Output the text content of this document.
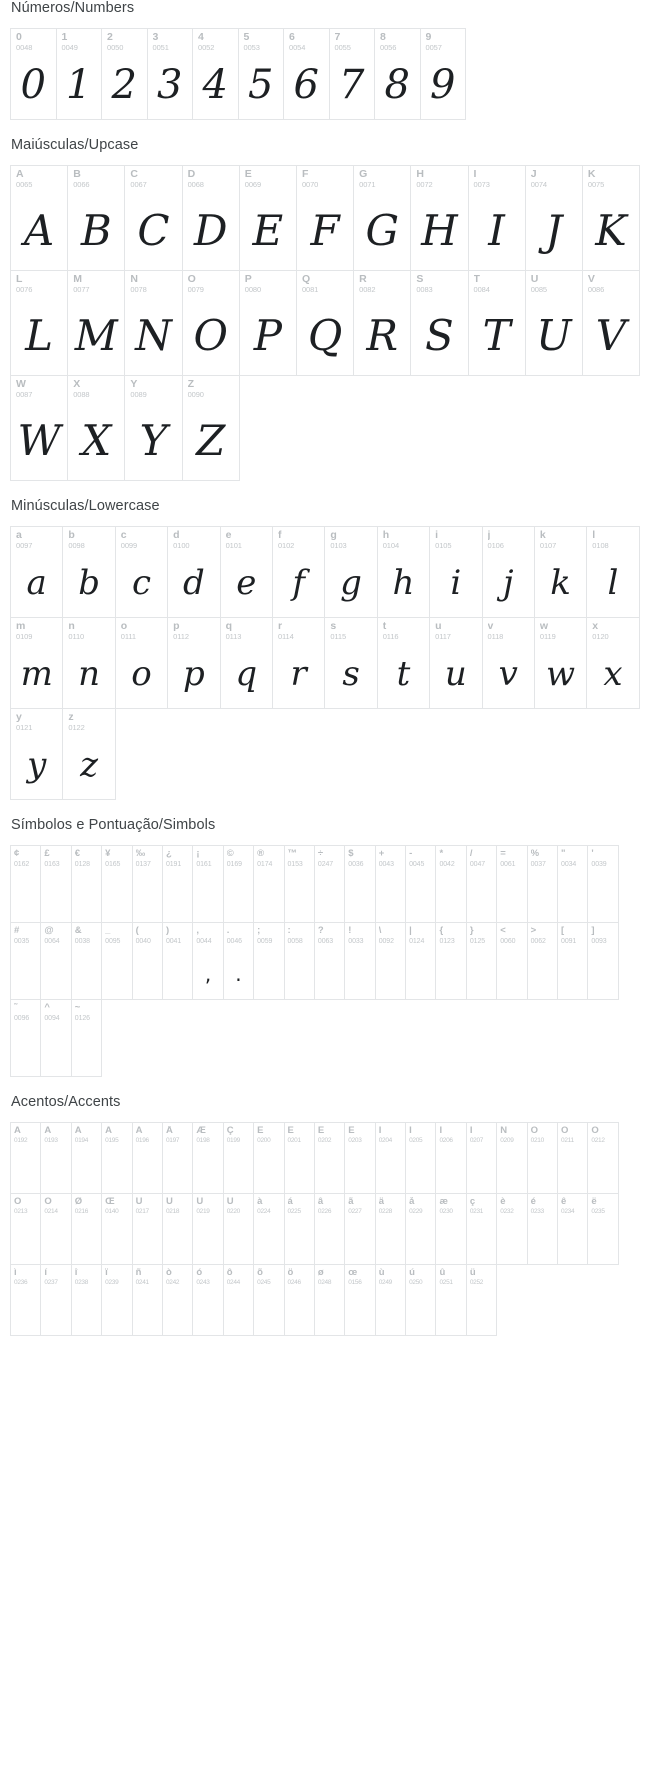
Números/Numbers
0
0048
0
1
0049
1
2
0050
2
3
0051
3
4
0052
4
5
0053
5
6
0054
6
7
0055
7
8
0056
8
9
0057
9
Maiúsculas/Upcase
A
0065
A
B
0066
B
C
0067
C
D
0068
D
E
0069
E
F
0070
F
G
0071
G
H
0072
H
I
0073
I
J
0074
J
K
0075
K
L
0076
L
M
0077
M
N
0078
N
O
0079
O
P
0080
P
Q
0081
Q
R
0082
R
S
0083
S
T
0084
T
U
0085
U
V
0086
V
W
0087
W
X
0088
X
Y
0089
Y
Z
0090
Z
Minúsculas/Lowercase
a
0097
a
b
0098
b
c
0099
c
d
0100
d
e
0101
e
f
0102
f
g
0103
g
h
0104
h
i
0105
i
j
0106
j
k
0107
k
l
0108
l
m
0109
m
n
0110
n
o
0111
o
p
0112
p
q
0113
q
r
0114
r
s
0115
s
t
0116
t
u
0117
u
v
0118
v
w
0119
w
x
0120
x
y
0121
y
z
0122
z
Símbolos e Pontuação/Simbols
¢
0162
£
0163
€
0128
¥
0165
‰
0137
¿
0191
¡
0161
©
0169
®
0174
™
0153
÷
0247
$
0036
+
0043
-
0045
*
0042
/
0047
=
0061
%
0037
"
0034
'
0039
#
0035
@
0064
&
0038
_
0095
(
0040
)
0041
,
0044
,
.
0046
.
;
0059
:
0058
?
0063
!
0033
\
0092
|
0124
{
0123
}
0125
<
0060
>
0062
[
0091
]
0093
˜
0096
^
0094
~
0126
Acentos/Accents
À
0192
Á
0193
Â
0194
Ã
0195
Ä
0196
Å
0197
Æ
0198
Ç
0199
È
0200
É
0201
Ê
0202
Ë
0203
Ì
0204
Í
0205
Î
0206
Ï
0207
Ñ
0209
Ò
0210
Ó
0211
Ô
0212
Õ
0213
Ö
0214
Ø
0216
Œ
0140
Ù
0217
Ú
0218
Û
0219
Ü
0220
à
0224
á
0225
â
0226
ã
0227
ä
0228
å
0229
æ
0230
ç
0231
è
0232
é
0233
ê
0234
ë
0235
ì
0236
í
0237
î
0238
ï
0239
ñ
0241
ò
0242
ó
0243
ô
0244
õ
0245
ö
0246
ø
0248
œ
0156
ù
0249
ú
0250
û
0251
ü
0252
